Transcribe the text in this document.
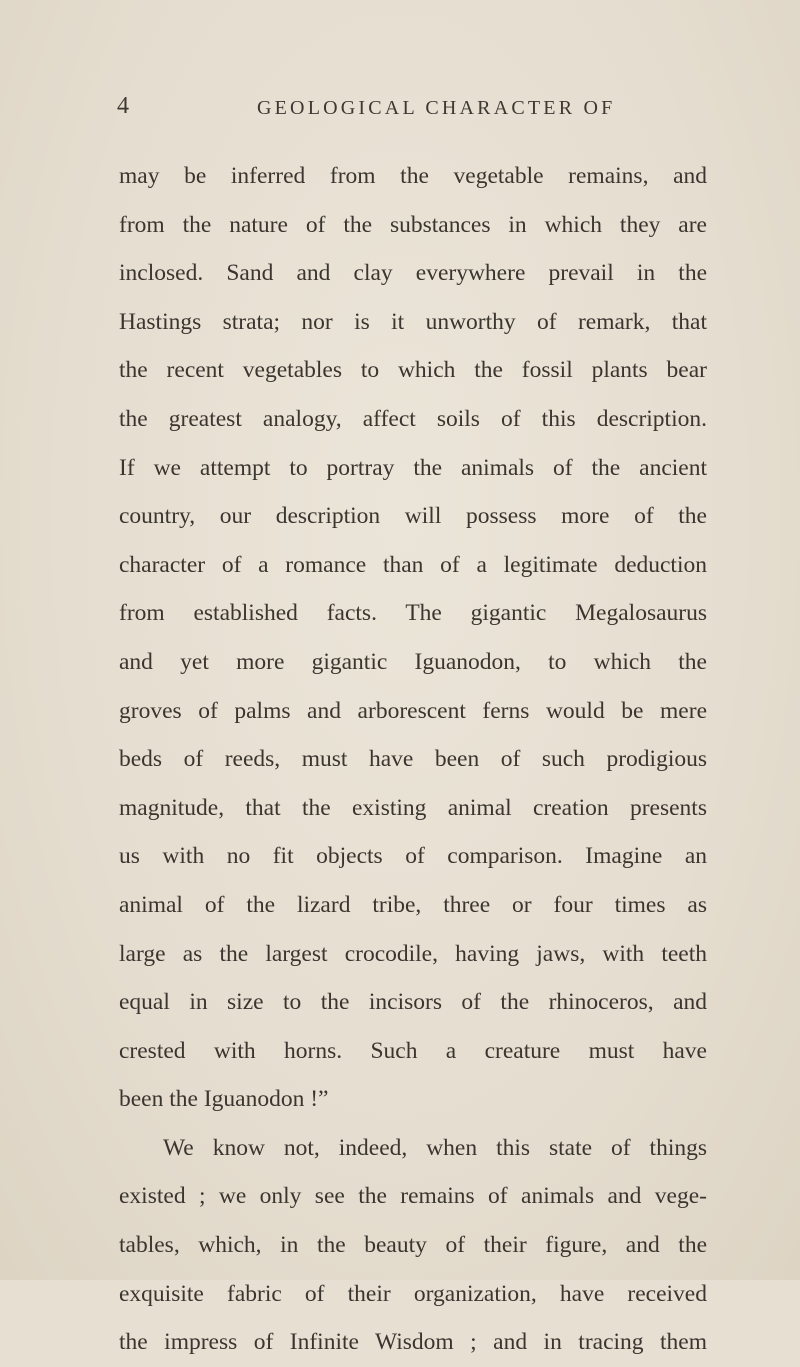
4	GEOLOGICAL CHARACTER OF
may be inferred from the vegetable remains, and
from the nature of the substances in which they are
inclosed. Sand and clay everywhere prevail in the
Hastings strata; nor is it unworthy of remark, that
the recent vegetables to which the fossil plants bear
the greatest analogy, affect soils of this description.
If we attempt to portray the animals of the ancient
country, our description will possess more of the
character of a romance than of a legitimate deduction
from established facts. The gigantic Megalosaurus
and yet more gigantic Iguanodon, to which the
groves of palms and arborescent ferns would be mere
beds of reeds, must have been of such prodigious
magnitude, that the existing animal creation presents
us with no fit objects of comparison. Imagine an
animal of the lizard tribe, three or four times as
large as the largest crocodile, having jaws, with teeth
equal in size to the incisors of the rhinoceros, and
crested with horns. Such a creature must have
been the Iguanodon !”
We know not, indeed, when this state of things
existed ; we only see the remains of animals and vege-
tables, which, in the beauty of their figure, and the
exquisite fabric of their organization, have received
the impress of Infinite Wisdom ; and in tracing them
